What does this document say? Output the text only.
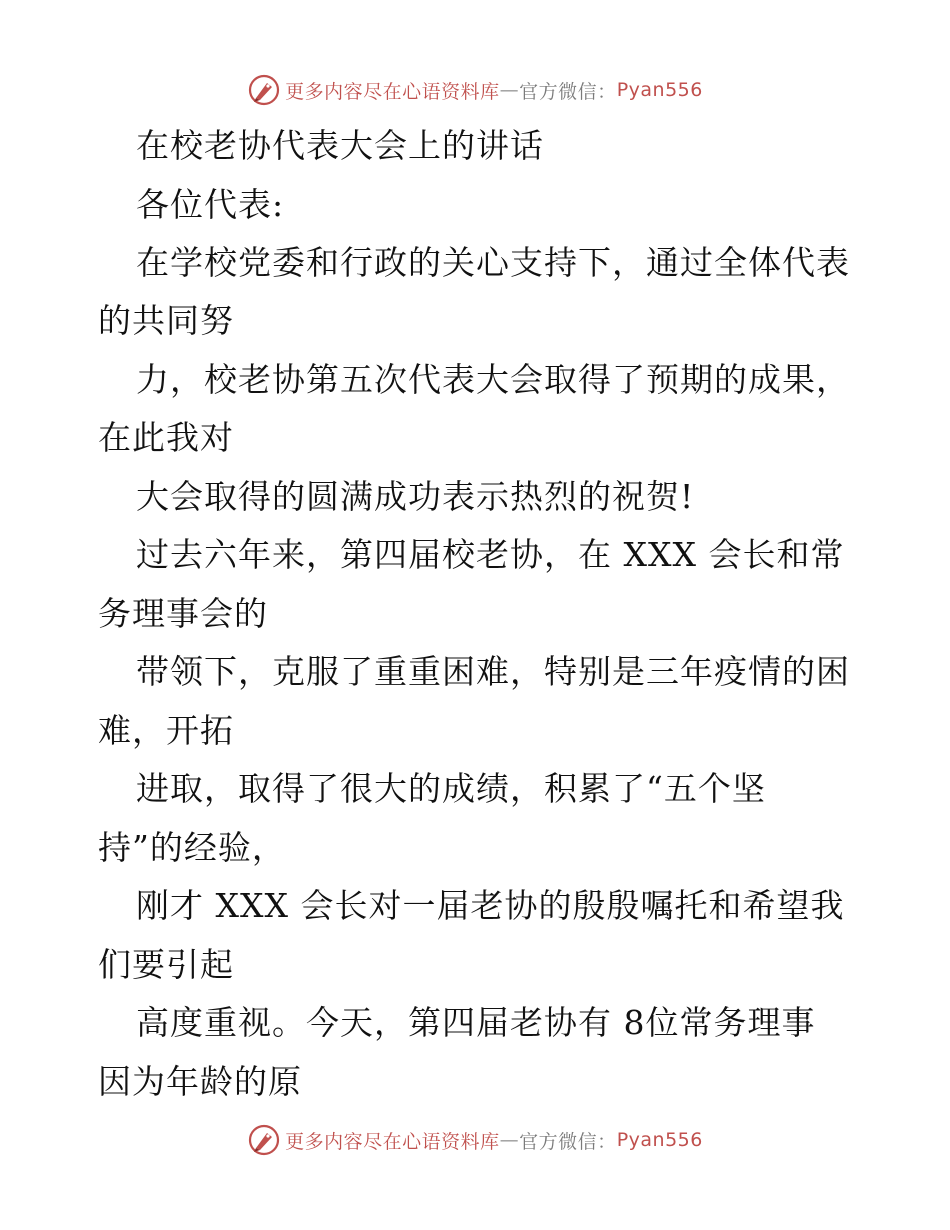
更多内容尽在心语资料库 — 官方微信： Pyan556
在校老协代表大会上的讲话
各位代表:
在学校党委和行政的关心支持下，通过全体代表
的共同努
力，校老协第五次代表大会取得了预期的成果，
在此我对
大会取得的圆满成功表示热烈的祝贺!
过去六年来，第四届校老协，在 XXX 会长和常
务理事会的
带领下，克服了重重困难，特别是三年疫情的困
难，开拓
进取，取得了很大的成绩，积累了“五个坚
持”的经验，
刚才 XXX 会长对一届老协的殷殷嘱托和希望我
们要引起
高度重视。今天，第四届老协有 8位常务理事
因为年龄的原
更多内容尽在心语资料库 — 官方微信： Pyan556
